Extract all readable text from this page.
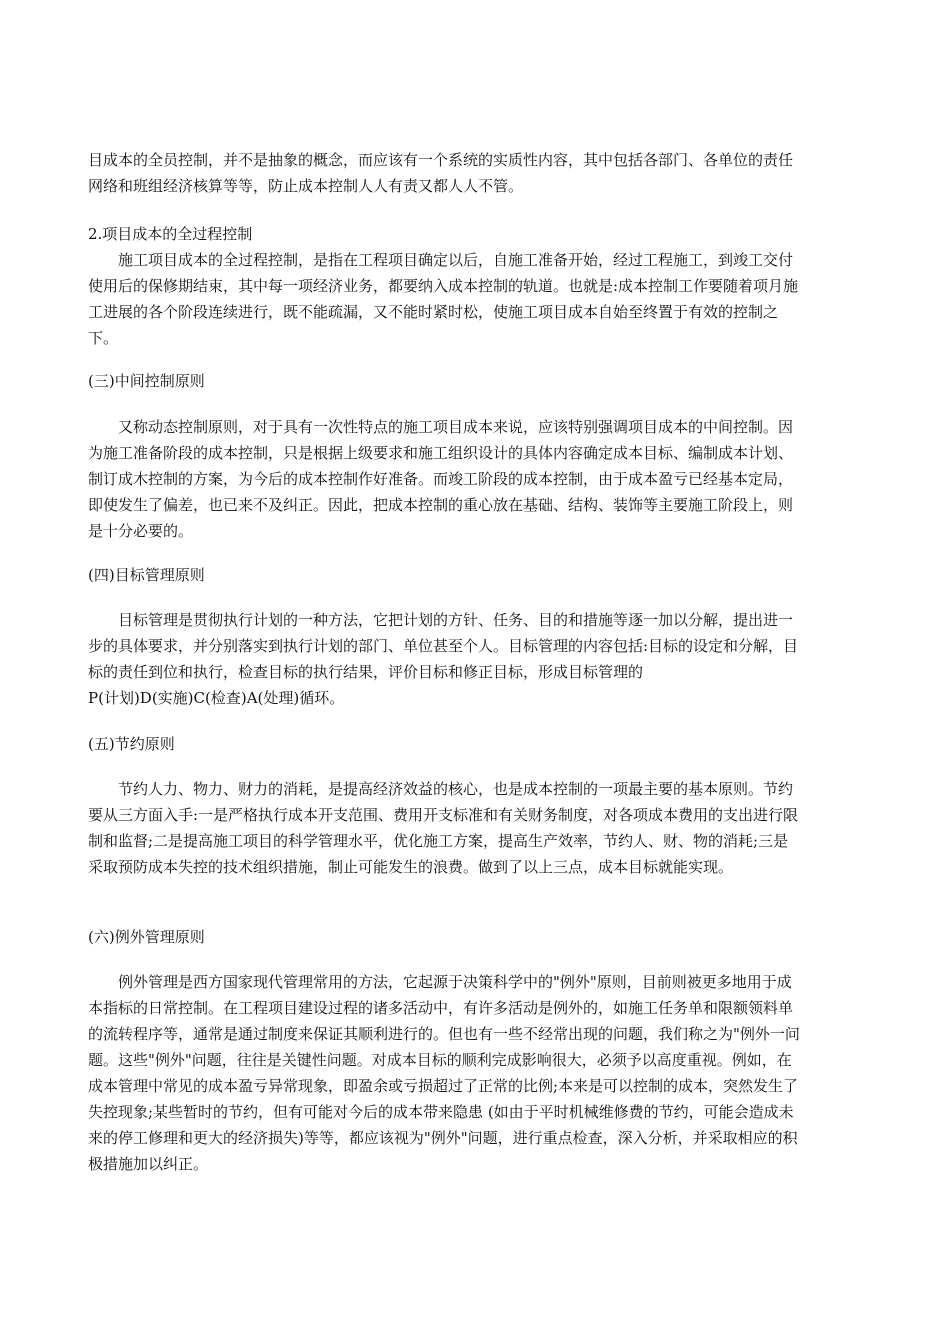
目成本的全员控制，并不是抽象的概念，而应该有一个系统的实质性内容，其中包括各部门、各单位的责任网络和班组经济核算等等，防止成本控制人人有责又都人人不管。

2.项目成本的全过程控制

施工项目成本的全过程控制，是指在工程项目确定以后，自施工准备开始，经过工程施工，到竣工交付使用后的保修期结束，其中每一项经济业务，都要纳入成本控制的轨道。也就是:成本控制工作要随着项月施工进展的各个阶段连续进行，既不能疏漏，又不能时紧时松，使施工项目成本自始至终置于有效的控制之下。

(三)中间控制原则

又称动态控制原则，对于具有一次性特点的施工项目成本来说，应该特别强调项目成本的中间控制。因为施工准备阶段的成本控制，只是根据上级要求和施工组织设计的具体内容确定成本目标、编制成本计划、制订成木控制的方案，为今后的成本控制作好准备。而竣工阶段的成本控制，由于成本盈亏已经基本定局，即使发生了偏差，也已来不及纠正。因此，把成本控制的重心放在基础、结构、装饰等主要施工阶段上，则是十分必要的。

(四)目标管理原则

目标管理是贯彻执行计划的一种方法，它把计划的方针、任务、目的和措施等逐一加以分解，提出进一步的具体要求，并分别落实到执行计划的部门、单位甚至个人。目标管理的内容包括:目标的设定和分解，目标的责任到位和执行，检查目标的执行结果，评价目标和修正目标，形成目标管理的

P(计划)D(实施)C(检查)A(处理)循环。

(五)节约原则

节约人力、物力、财力的消耗，是提高经济效益的核心，也是成本控制的一项最主要的基本原则。节约要从三方面入手:一是严格执行成本开支范围、费用开支标准和有关财务制度，对各项成本费用的支出进行限制和监督;二是提高施工项目的科学管理水平，优化施工方案，提高生产效率，节约人、财、物的消耗;三是采取预防成本失控的技术组织措施，制止可能发生的浪费。做到了以上三点，成本目标就能实现。

(六)例外管理原则

例外管理是西方国家现代管理常用的方法，它起源于决策科学中的"例外"原则，目前则被更多地用于成本指标的日常控制。在工程项目建设过程的诸多活动中，有许多活动是例外的，如施工任务单和限额领料单的流转程序等，通常是通过制度来保证其顺利进行的。但也有一些不经常出现的问题，我们称之为"例外一问题。这些"例外"问题，往往是关键性问题。对成本目标的顺利完成影响很大，必须予以高度重视。例如，在成本管理中常见的成本盈亏异常现象，即盈余或亏损超过了正常的比例;本来是可以控制的成本，突然发生了失控现象;某些暂时的节约，但有可能对今后的成本带来隐患 (如由于平时机械维修费的节约，可能会造成未来的停工修理和更大的经济损失)等等，都应该视为"例外"问题，进行重点检查，深入分析，并采取相应的积极措施加以纠正。
